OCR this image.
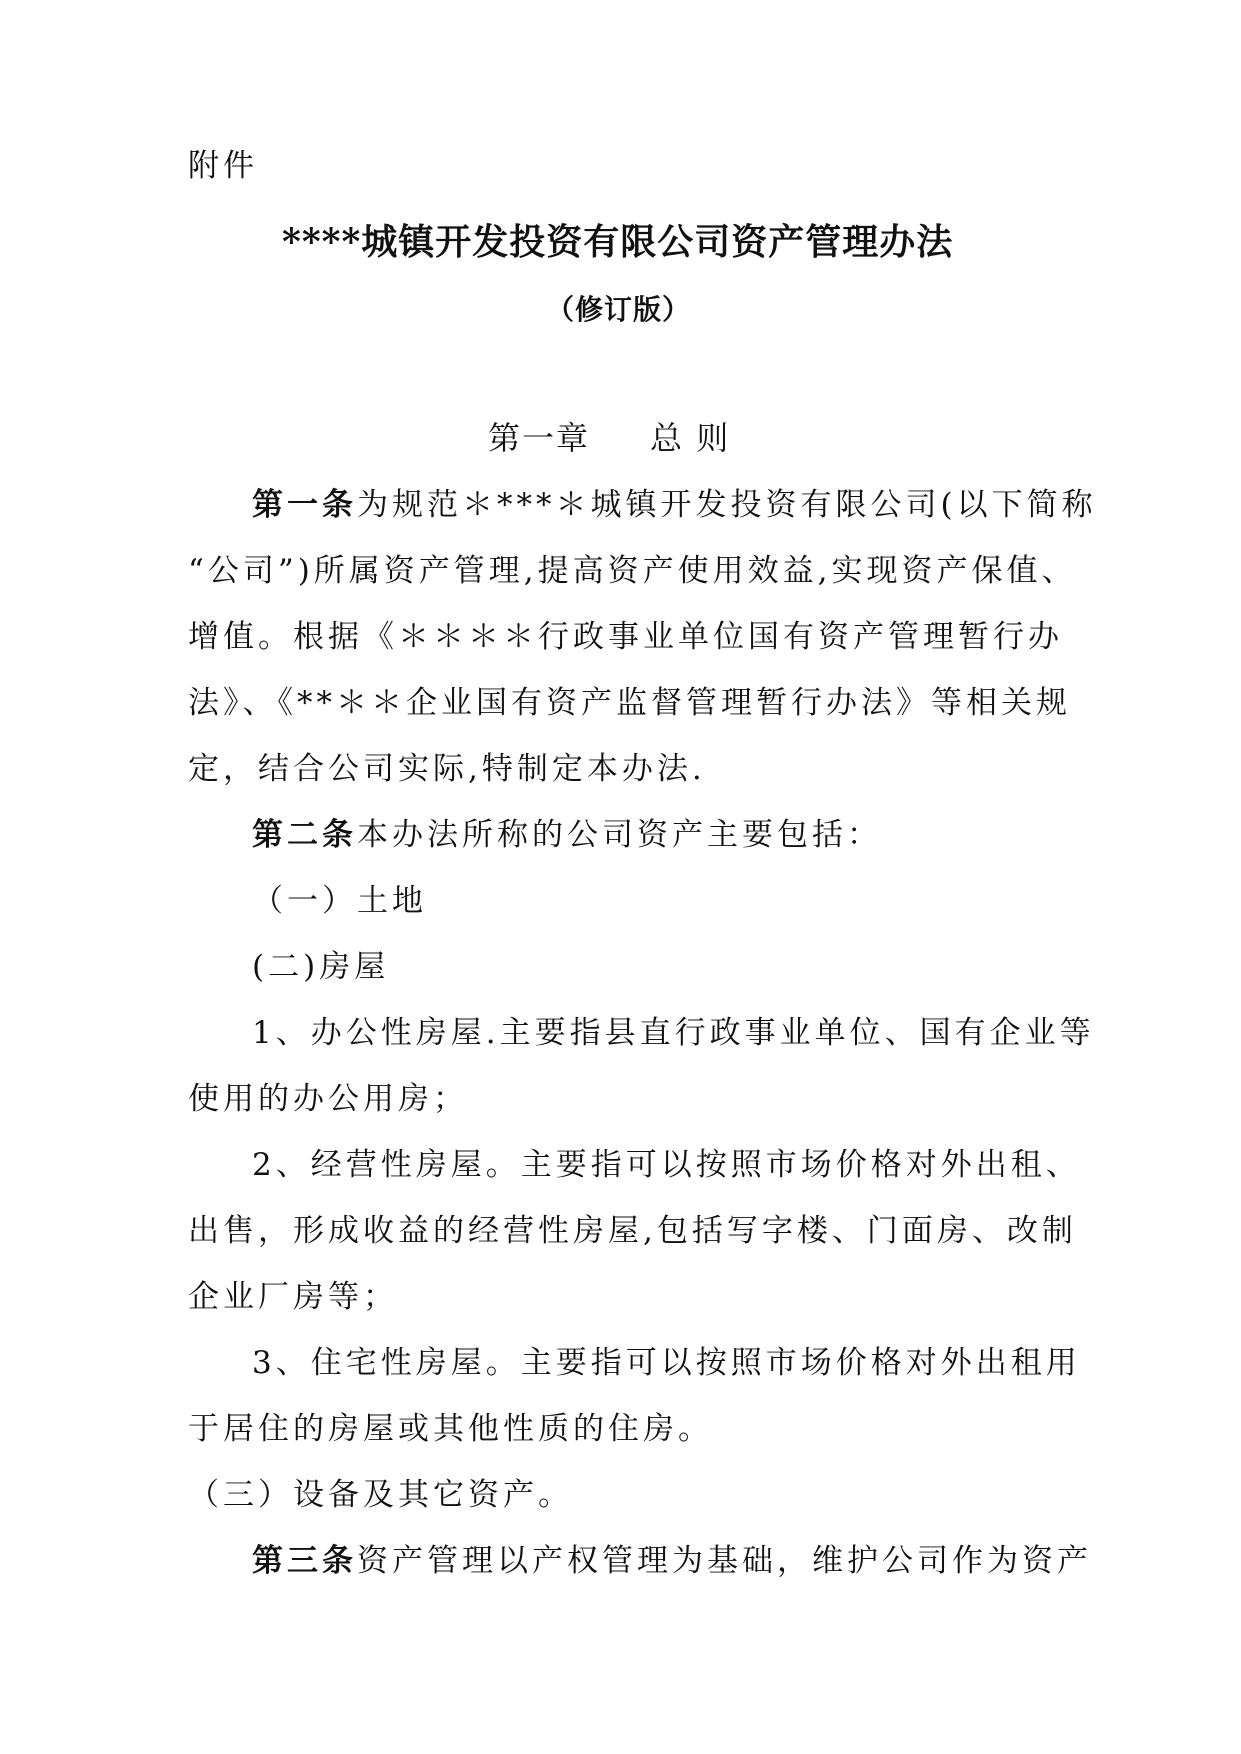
附件
****城镇开发投资有限公司资产管理办法
（修订版）
第一章 总 则
第一条为规范＊***＊城镇开发投资有限公司(以下简称
“公司”)所属资产管理,提高资产使用效益,实现资产保值、
增值。根据《＊＊＊＊行政事业单位国有资产管理暂行办
法》、《**＊＊企业国有资产监督管理暂行办法》等相关规
定，结合公司实际,特制定本办法.
第二条本办法所称的公司资产主要包括：
（一）土地
(二)房屋
1、办公性房屋.主要指县直行政事业单位、国有企业等
使用的办公用房；
2、经营性房屋。主要指可以按照市场价格对外出租、
出售，形成收益的经营性房屋,包括写字楼、门面房、改制
企业厂房等；
3、住宅性房屋。主要指可以按照市场价格对外出租用
于居住的房屋或其他性质的住房。
（三）设备及其它资产。
第三条资产管理以产权管理为基础，维护公司作为资产
